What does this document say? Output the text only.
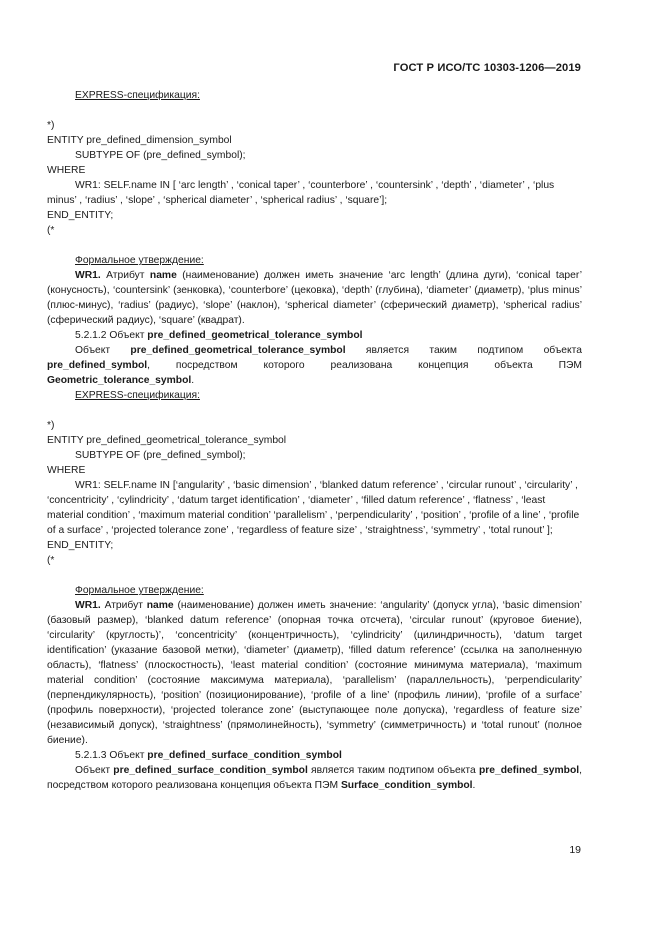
ГОСТ Р ИСО/ТС 10303-1206—2019

EXPRESS-спецификация:

*)

ENTITY pre_defined_dimension_symbol

SUBTYPE OF (pre_defined_symbol);

WHERE

WR1: SELF.name IN [ ‘arc length’ , ‘conical taper’ , ‘counterbore’ , ‘countersink’ , ‘depth’ , ‘diameter’ , ‘plus minus’ , ‘radius’ , ‘slope’ , ‘spherical diameter’ , ‘spherical radius’ , ‘square’];

END_ENTITY;

(*

Формальное утверждение:

WR1. Атрибут name (наименование) должен иметь значение ‘arc length’ (длина дуги), ‘conical taper’ (конусность), ‘countersink’ (зенковка), ‘counterbore’ (цековка), ‘depth’ (глубина), ‘diameter’ (диаметр), ‘plus minus’ (плюс-минус), ‘radius’ (радиус), ‘slope’ (наклон), ‘spherical diameter’ (сферический диаметр), ‘spherical radius’ (сферический радиус), ‘square’ (квадрат).

5.2.1.2 Объект pre_defined_geometrical_tolerance_symbol

Объект pre_defined_geometrical_tolerance_symbol является таким подтипом объекта pre_defined_symbol, посредством которого реализована концепция объекта ПЭМ Geometric_tolerance_symbol.

EXPRESS-спецификация:

*)

ENTITY pre_defined_geometrical_tolerance_symbol

SUBTYPE OF (pre_defined_symbol);

WHERE

WR1: SELF.name IN [‘angularity’ , ‘basic dimension’ , ‘blanked datum reference’ , ‘circular runout’ , ‘circularity’ , ‘concentricity’ , ‘cylindricity’ , ‘datum target identification’ , ‘diameter’ , ‘filled datum reference’ , ‘flatness’ , ‘least material condition’ , ‘maximum material condition’ ‘parallelism’ , ‘perpendicularity’ , ‘position’ , ‘profile of a line’ , ‘profile of a surface’ , ‘projected tolerance zone’ , ‘regardless of feature size’ , ‘straightness’, ‘symmetry’ , ‘total runout’ ];

END_ENTITY;

(*

Формальное утверждение:

WR1. Атрибут name (наименование) должен иметь значение: ‘angularity’ (допуск угла), ‘basic dimension’ (базовый размер), ‘blanked datum reference’ (опорная точка отсчета), ‘circular runout’ (круговое биение), ‘circularity’ (круглость)’, ‘concentricity’ (концентричность), ‘cylindricity’ (цилиндричность), ‘datum target identification’ (указание базовой метки), ‘diameter’ (диаметр), ‘filled datum reference’ (ссылка на заполненную область), ‘flatness’ (плоскостность), ‘least material condition’ (состояние минимума материала), ‘maximum material condition’ (состояние максимума материала), ‘parallelism’ (параллельность), ‘perpendicularity’ (перпендикулярность), ‘position’ (позиционирование), ‘profile of a line’ (профиль линии), ‘profile of a surface’ (профиль поверхности), ‘projected tolerance zone’ (выступающее поле допуска), ‘regardless of feature size’ (независимый допуск), ‘straightness’ (прямолинейность), ‘symmetry’ (симметричность) и ‘total runout’ (полное биение).

5.2.1.3 Объект pre_defined_surface_condition_symbol

Объект pre_defined_surface_condition_symbol является таким подтипом объекта pre_defined_symbol, посредством которого реализована концепция объекта ПЭМ Surface_condition_symbol.

19
